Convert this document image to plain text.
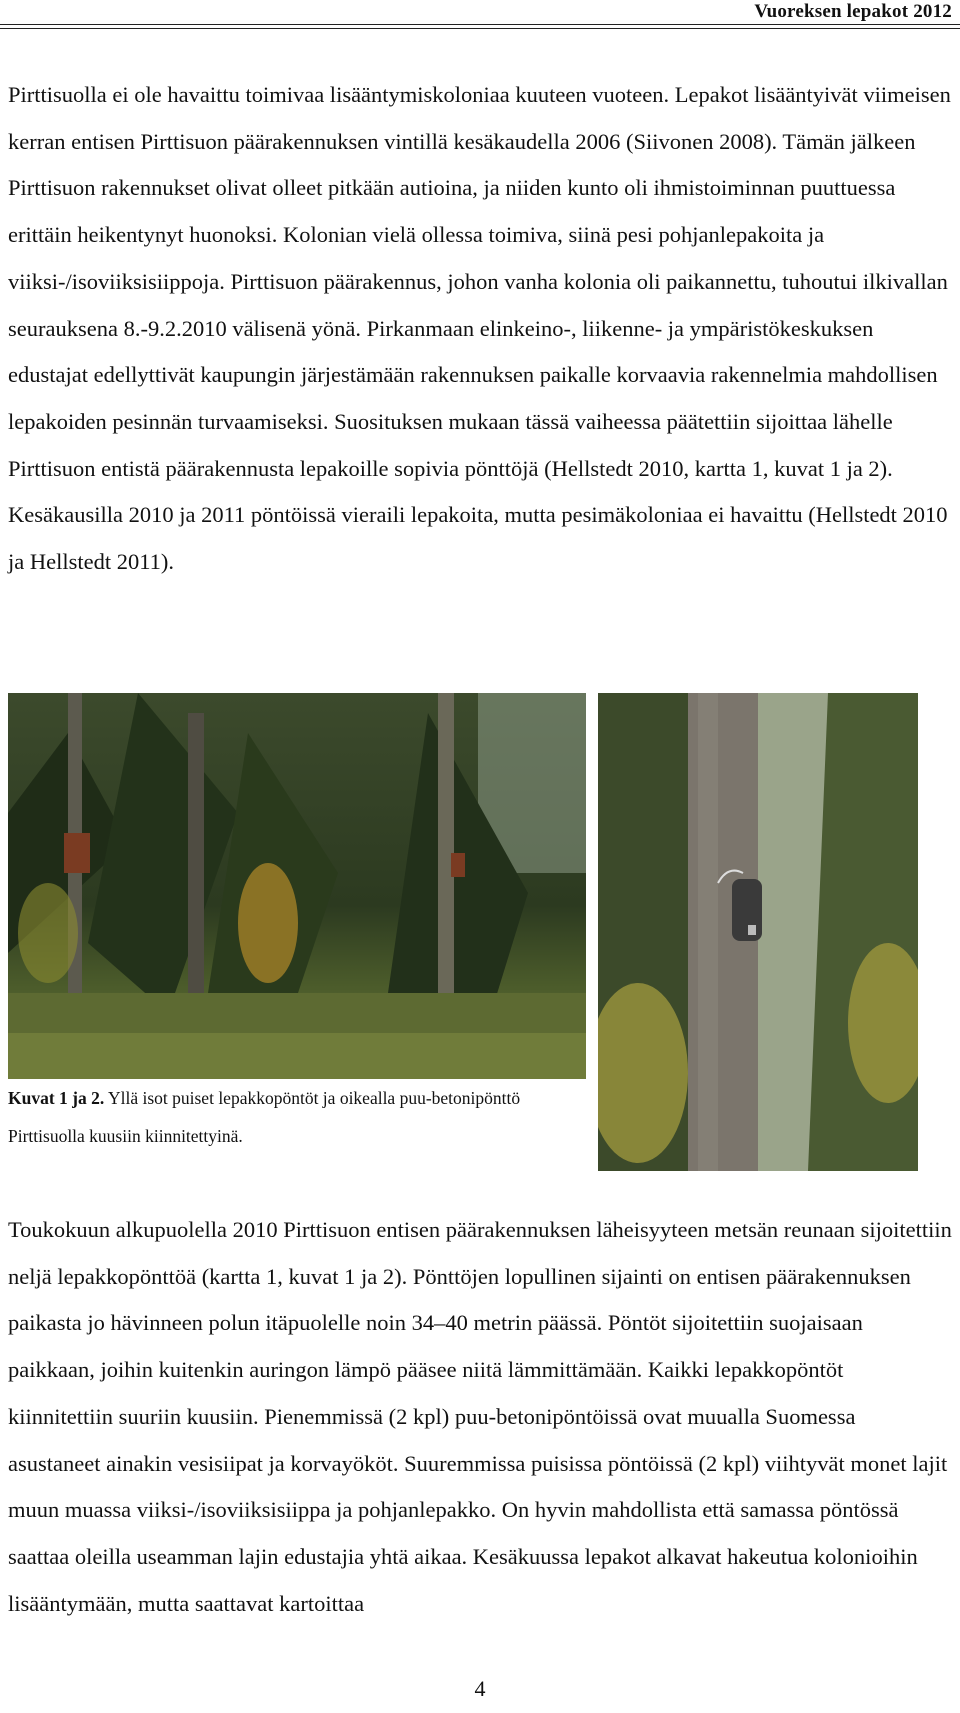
Vuoreksen lepakot 2012

Pirttisuolla ei ole havaittu toimivaa lisääntymiskoloniaa kuuteen vuoteen. Lepakot lisääntyivät viimeisen kerran entisen Pirttisuon päärakennuksen vintillä kesäkaudella 2006 (Siivonen 2008). Tämän jälkeen Pirttisuon rakennukset olivat olleet pitkään autioina, ja niiden kunto oli ihmistoiminnan puuttuessa erittäin heikentynyt huonoksi. Kolonian vielä ollessa toimiva, siinä pesi pohjanlepakoita ja viiksi-/isoviiksisiippoja. Pirttisuon päärakennus, johon vanha kolonia oli paikannettu, tuhoutui ilkivallan seurauksena 8.-9.2.2010 välisenä yönä. Pirkanmaan elinkeino-, liikenne- ja ympäristökeskuksen edustajat edellyttivät kaupungin järjestämään rakennuksen paikalle korvaavia rakennelmia mahdollisen lepakoiden pesinnän turvaamiseksi. Suosituksen mukaan tässä vaiheessa päätettiin sijoittaa lähelle Pirttisuon entistä päärakennusta lepakoille sopivia pönttöjä (Hellstedt 2010, kartta 1, kuvat 1 ja 2). Kesäkausilla 2010 ja 2011 pöntöissä vieraili lepakoita, mutta pesimäkoloniaa ei havaittu (Hellstedt 2010 ja Hellstedt 2011).

Kuvat 1 ja 2. Yllä isot puiset lepakkopöntöt ja oikealla puu-betonipönttö Pirttisuolla kuusiin kiinnitettyinä.

Toukokuun alkupuolella 2010 Pirttisuon entisen päärakennuksen läheisyyteen metsän reunaan sijoitettiin neljä lepakkopönttöä (kartta 1, kuvat 1 ja 2). Pönttöjen lopullinen sijainti on entisen päärakennuksen paikasta jo hävinneen polun itäpuolelle noin 34–40 metrin päässä. Pöntöt sijoitettiin suojaisaan paikkaan, joihin kuitenkin auringon lämpö pääsee niitä lämmittämään. Kaikki lepakkopöntöt kiinnitettiin suuriin kuusiin. Pienemmissä (2 kpl) puu-betonipöntöissä ovat muualla Suomessa asustaneet ainakin vesisiipat ja korvayököt. Suuremmissa puisissa pöntöissä (2 kpl) viihtyvät monet lajit muun muassa viiksi-/isoviiksisiippa ja pohjanlepakko. On hyvin mahdollista että samassa pöntössä saattaa oleilla useamman lajin edustajia yhtä aikaa. Kesäkuussa lepakot alkavat hakeutua kolonioihin lisääntymään, mutta saattavat kartoittaa

4
